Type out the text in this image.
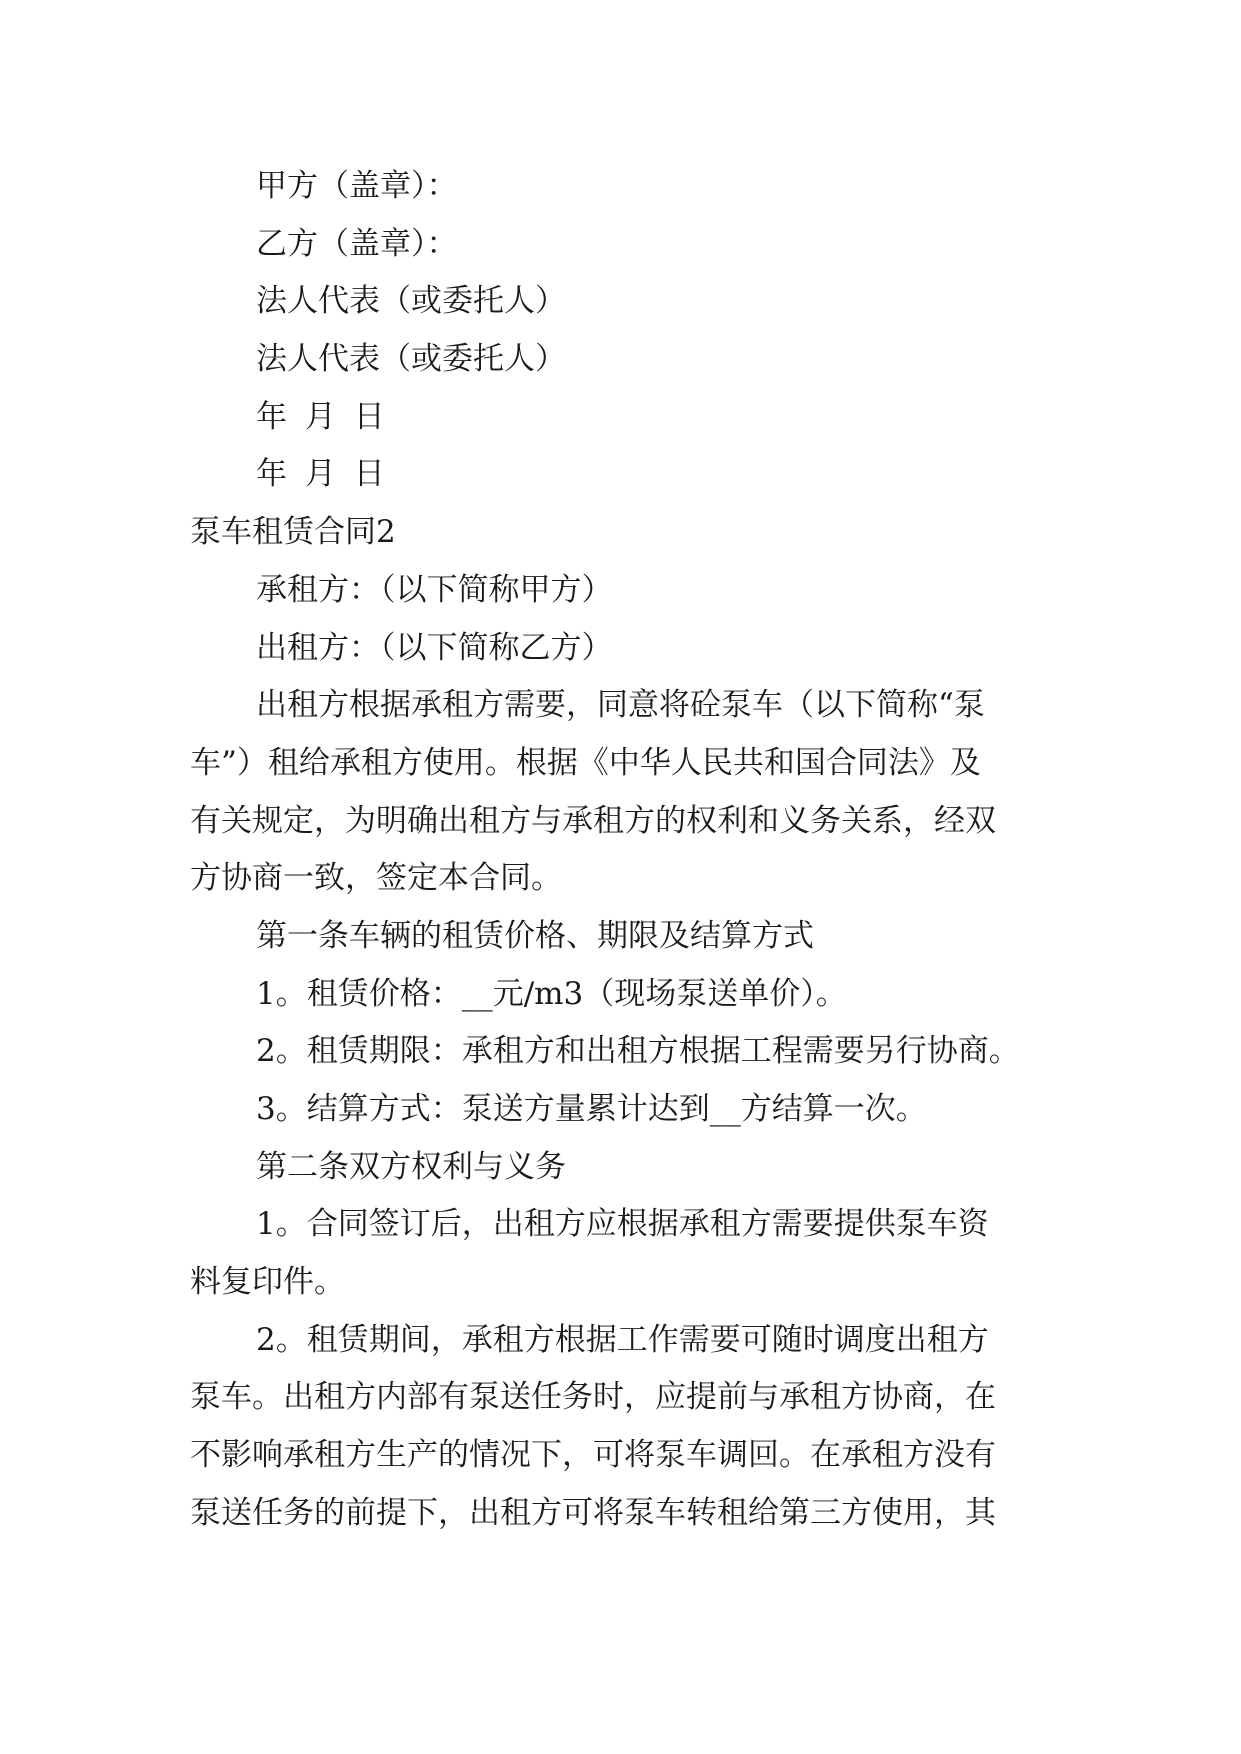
甲方（盖章）：
乙方（盖章）：
法人代表（或委托人）
法人代表（或委托人）
年 月 日
年 月 日
泵车租赁合同2
承租方：（以下简称甲方）
出租方：（以下简称乙方）
出租方根据承租方需要，同意将砼泵车（以下简称“泵
车”）租给承租方使用。根据《中华人民共和国合同法》及
有关规定，为明确出租方与承租方的权利和义务关系，经双
方协商一致，签定本合同。
第一条车辆的租赁价格、期限及结算方式
1。租赁价格：__元/m3（现场泵送单价）。
2。租赁期限：承租方和出租方根据工程需要另行协商。
3。结算方式：泵送方量累计达到__方结算一次。
第二条双方权利与义务
1。合同签订后，出租方应根据承租方需要提供泵车资
料复印件。
2。租赁期间，承租方根据工作需要可随时调度出租方
泵车。出租方内部有泵送任务时，应提前与承租方协商，在
不影响承租方生产的情况下，可将泵车调回。在承租方没有
泵送任务的前提下，出租方可将泵车转租给第三方使用，其
